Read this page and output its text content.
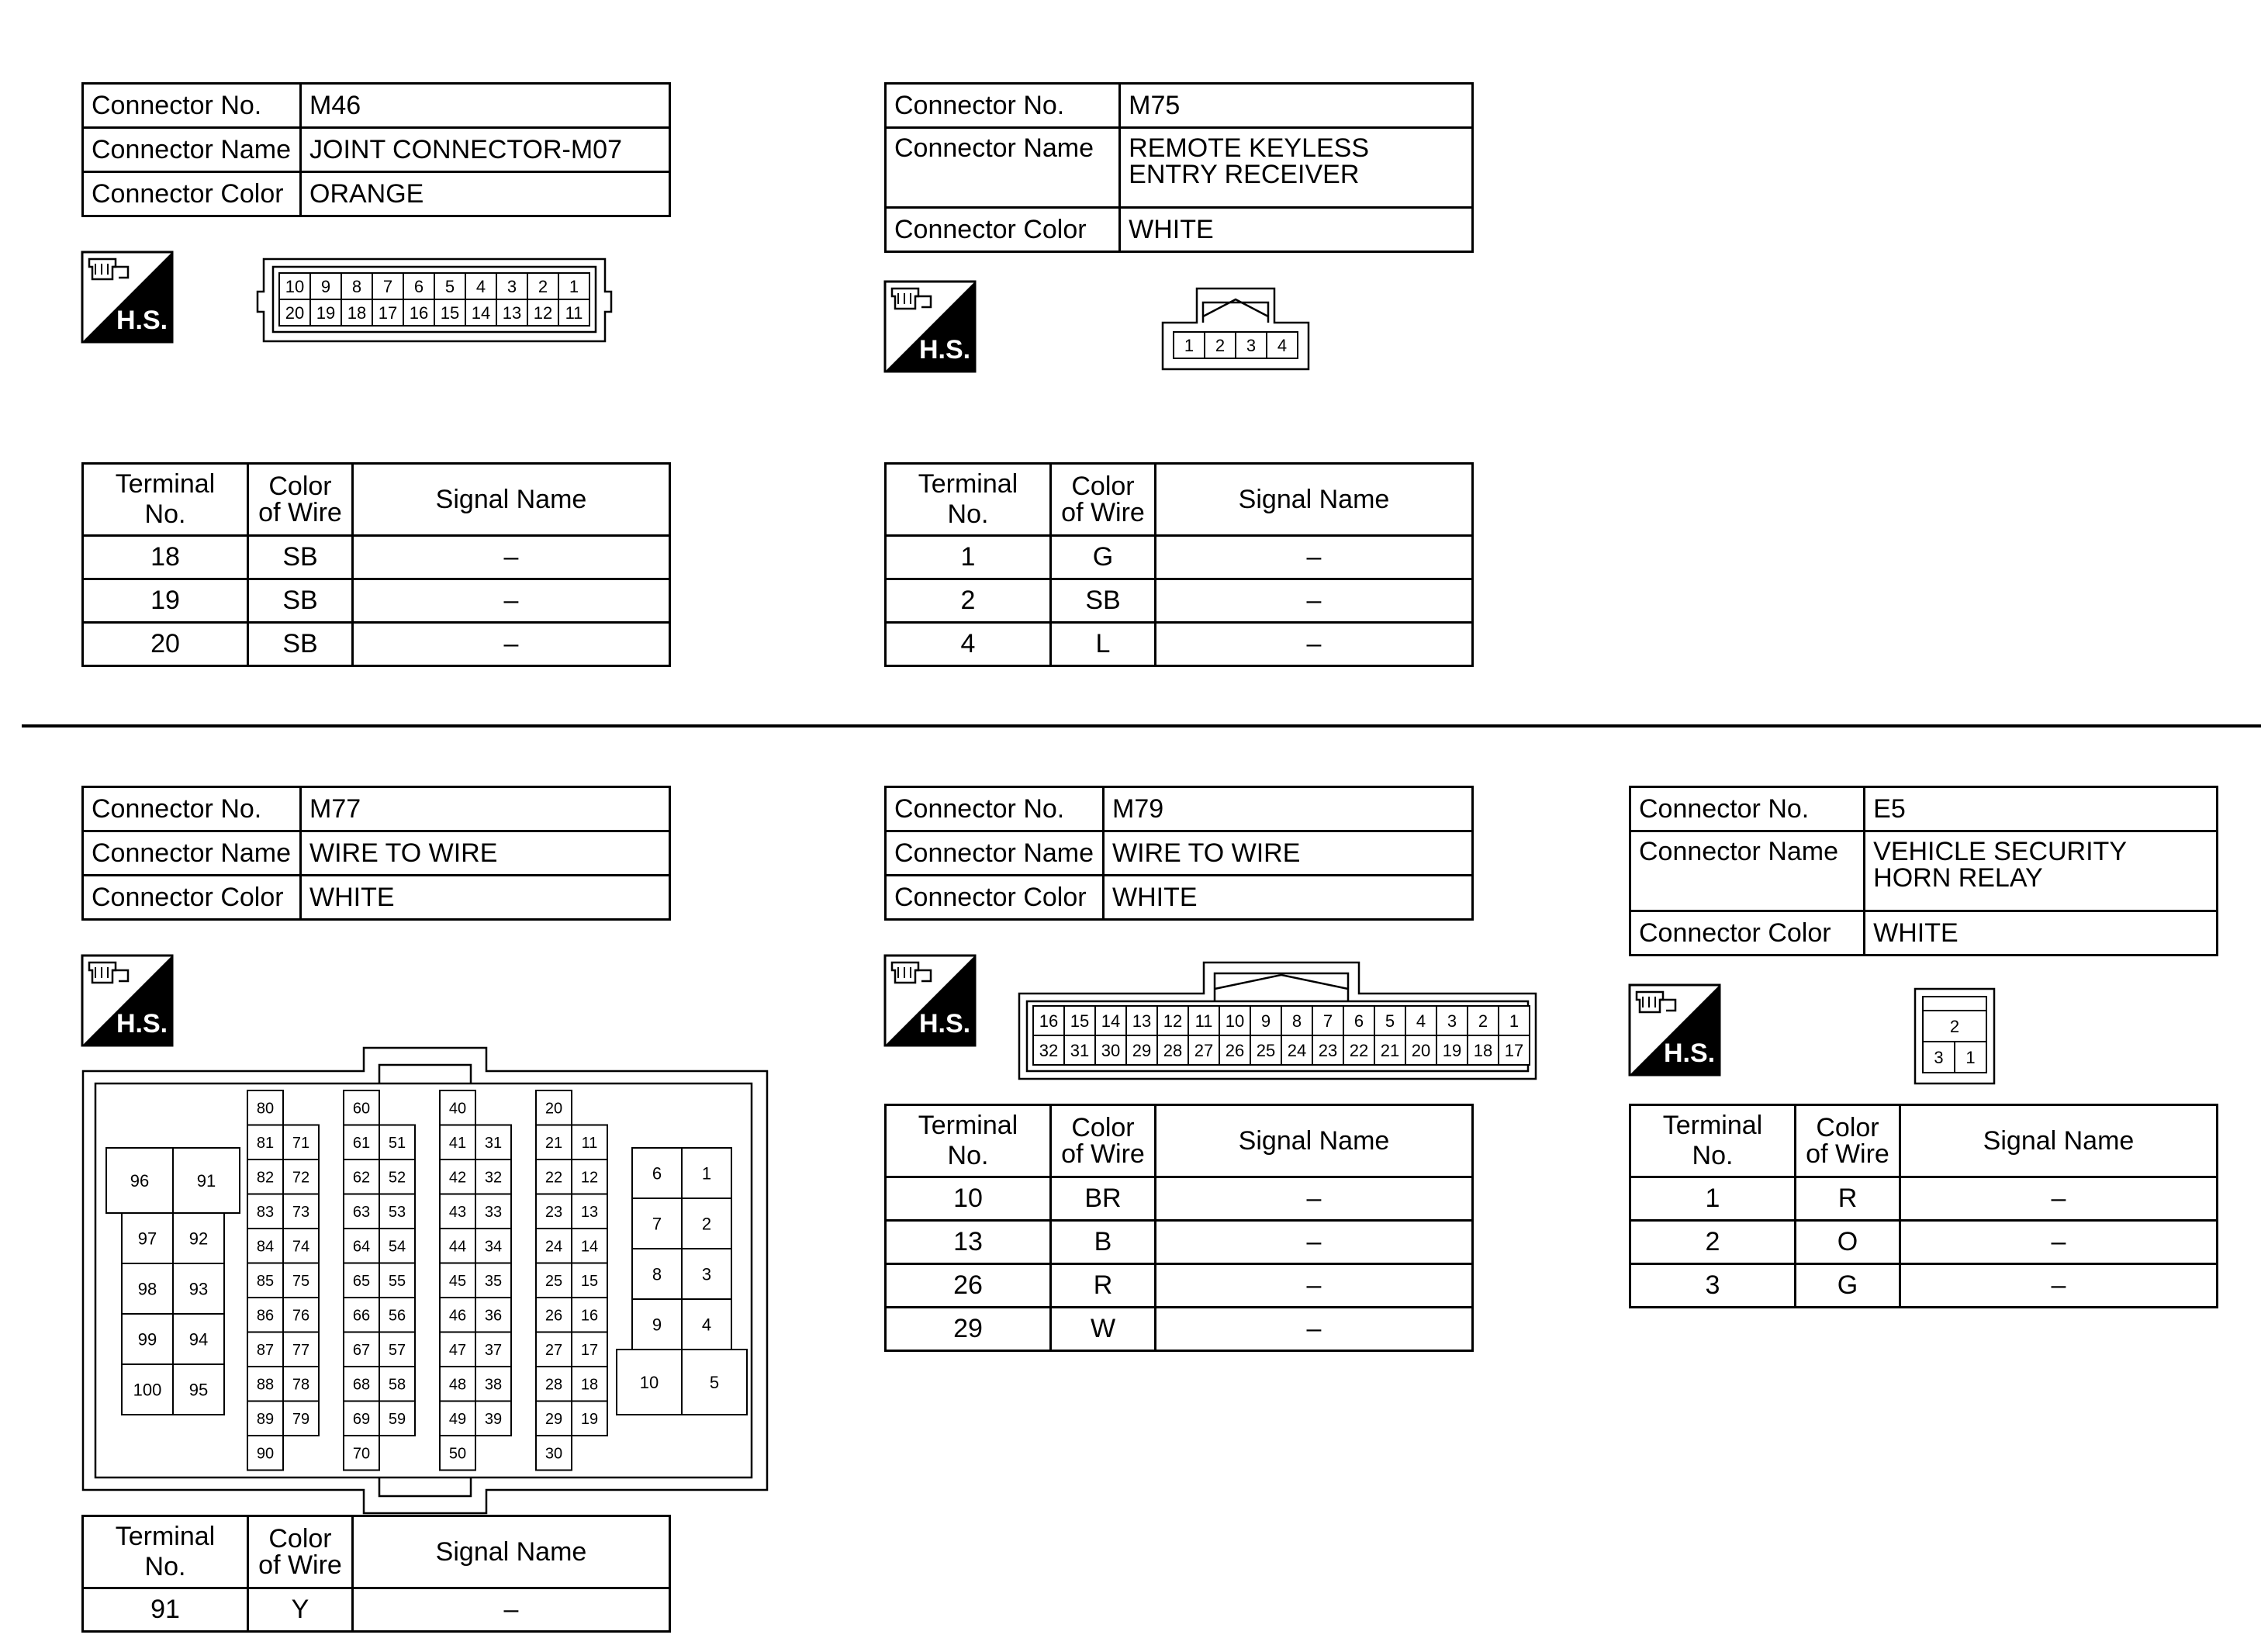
Connector No.	M46
Connector Name	JOINT CONNECTOR-M07
Connector Color	ORANGE
H.S.
10 9 8 7 6 5 4 3 2 1
20 19 18 17 16 15 14 13 12 11
Terminal No.	Color of Wire	Signal Name
18	SB	–
19	SB	–
20	SB	–
Connector No.	M75
Connector Name	REMOTE KEYLESS ENTRY RECEIVER
Connector Color	WHITE
H.S.	1 2 3 4
Terminal No.	Color of Wire	Signal Name
1	G	–
2	SB	–
4	L	–
Connector No.	M77
Connector Name	WIRE TO WIRE
Connector Color	WHITE
H.S.
80
81
82
83
84
85
86
87
88
89
90
71
72
73
74
75
76
77
78
79
60
61
62
63
64
65
66
67
68
69
70
51
52
53
54
55
56
57
58
59
40
41
42
43
44
45
46
47
48
49
50
31
32
33
34
35
36
37
38
39
20
21
22
23
24
25
26
27
28
29
30
11
12
13
14
15
16
17
18
19
96	91
97 92
98 93
99 94
100 95
6 1
7 2
8 3
9 4
10	5
Terminal No.	Color of Wire	Signal Name
91	Y	–
Connector No.	M79
Connector Name	WIRE TO WIRE
Connector Color	WHITE
H.S.	16 15 14 13 12 11 10 9 8 7 6 5 4 3 2 1
32 31 30 29 28 27 26 25 24 23 22 21 20 19 18 17
Terminal No.	Color of Wire	Signal Name
10	BR	–
13	B	–
26	R	–
29	W	–
Connector No.	E5
Connector Name	VEHICLE SECURITY HORN RELAY
Connector Color	WHITE
H.S.
2
3 1
Terminal No.	Color of Wire	Signal Name
1	R	–
2	O	–
3	G	–
